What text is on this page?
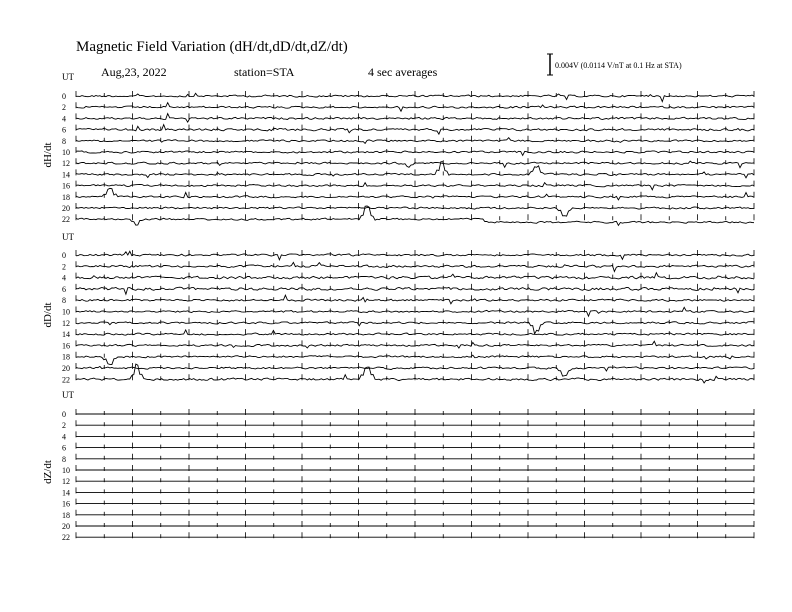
Magnetic Field Variation (dH/dt,dD/dt,dZ/dt)
Aug,23, 2022	station=STA	4 sec averages	0.004V (0.0114 V/nT at 0.1 Hz at STA)
UT
dH/dt
0
2
4
6
8
10
12
14
16
18
20
22
UT
dD/dt
0
2
4
6
8
10
12
14
16
18
20
22
UT
dZ/dt
0
2
4
6
8
10
12
14
16
18
20
22
